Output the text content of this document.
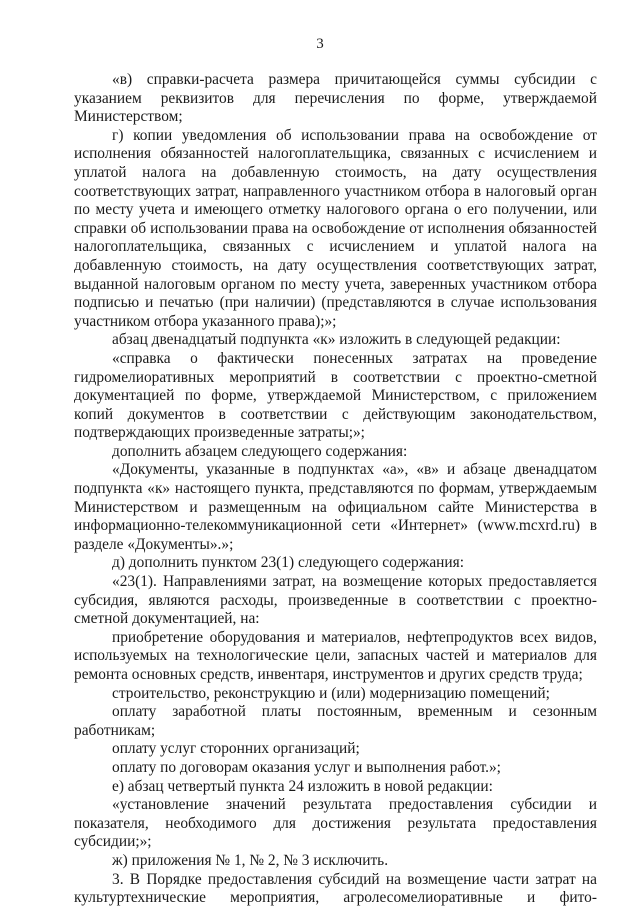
3

«в) справки-расчета размера причитающейся суммы субсидии с указанием реквизитов для перечисления по форме, утверждаемой Министерством;

г) копии уведомления об использовании права на освобождение от исполнения обязанностей налогоплательщика, связанных с исчислением и уплатой налога на добавленную стоимость, на дату осуществления соответствующих затрат, направленного участником отбора в налоговый орган по месту учета и имеющего отметку налогового органа о его получении, или справки об использовании права на освобождение от исполнения обязанностей налогоплательщика, связанных с исчислением и уплатой налога на добавленную стоимость, на дату осуществления соответствующих затрат, выданной налоговым органом по месту учета, заверенных участником отбора подписью и печатью (при наличии) (представляются в случае использования участником отбора указанного права);»;

абзац двенадцатый подпункта «к» изложить в следующей редакции:

«справка о фактически понесенных затратах на проведение гидромелиоративных мероприятий в соответствии с проектно-сметной документацией по форме, утверждаемой Министерством, с приложением копий документов в соответствии с действующим законодательством, подтверждающих произведенные затраты;»;

дополнить абзацем следующего содержания:

«Документы, указанные в подпунктах «а», «в» и абзаце двенадцатом подпункта «к» настоящего пункта, представляются по формам, утверждаемым Министерством и размещенным на официальном сайте Министерства в информационно-телекоммуникационной сети «Интернет» (www.mcxrd.ru) в разделе «Документы».»;

д) дополнить пунктом 23(1) следующего содержания:

«23(1). Направлениями затрат, на возмещение которых предоставляется субсидия, являются расходы, произведенные в соответствии с проектно-сметной документацией, на:

приобретение оборудования и материалов, нефтепродуктов всех видов, используемых на технологические цели, запасных частей и материалов для ремонта основных средств, инвентаря, инструментов и других средств труда;

строительство, реконструкцию и (или) модернизацию помещений;

оплату заработной платы постоянным, временным и сезонным работникам;

оплату услуг сторонних организаций;

оплату по договорам оказания услуг и выполнения работ.»;

е) абзац четвертый пункта 24 изложить в новой редакции:

«установление значений результата предоставления субсидии и показателя, необходимого для достижения результата предоставления субсидии;»;

ж) приложения № 1, № 2, № 3 исключить.

3. В Порядке предоставления субсидий на возмещение части затрат на культуртехнические мероприятия, агролесомелиоративные и фито-
